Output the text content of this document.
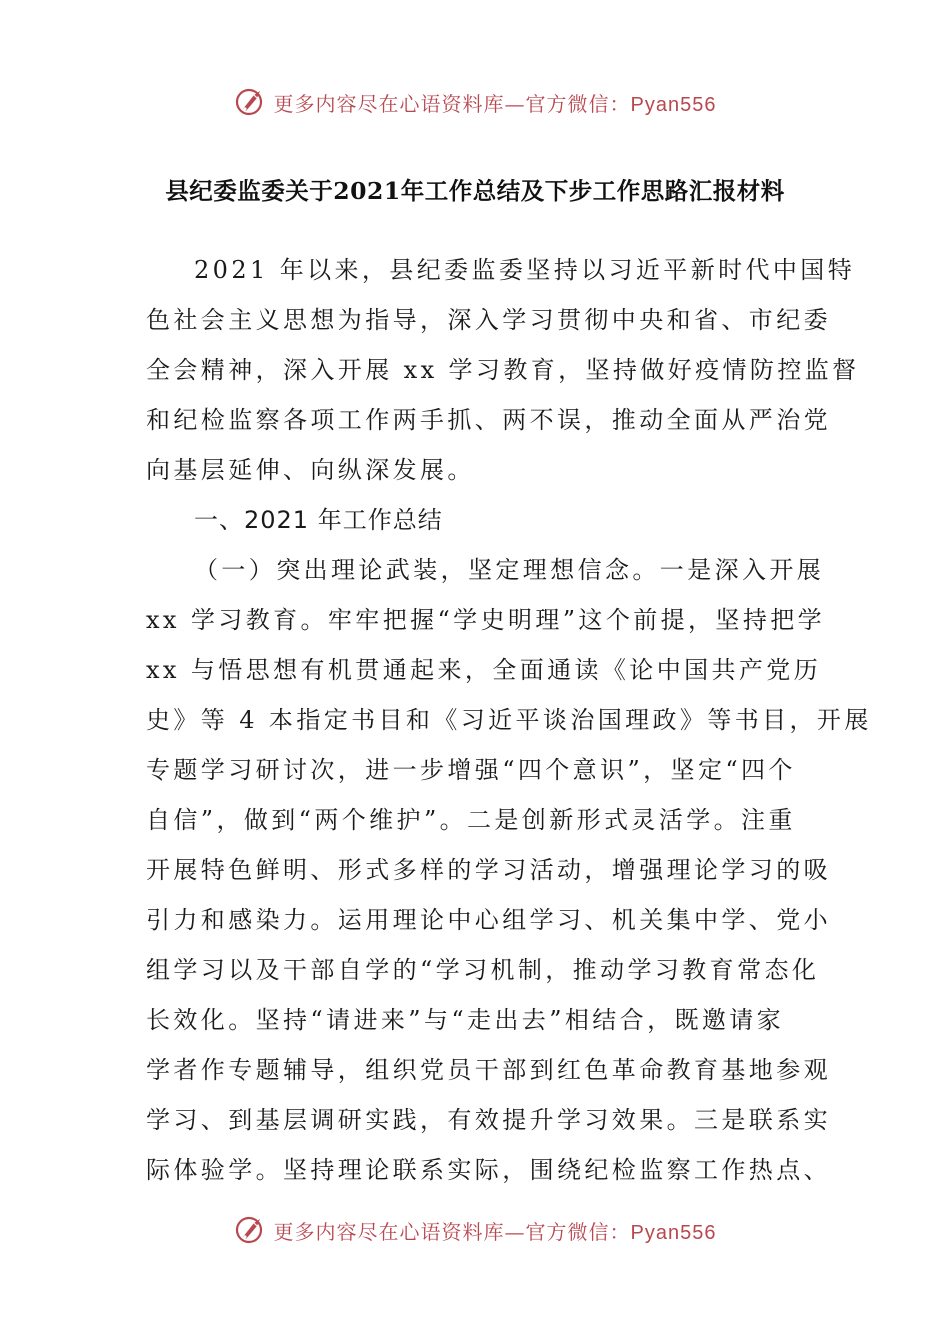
更多内容尽在心语资料库—官方微信：Pyan556
县纪委监委关于2021年工作总结及下步工作思路汇报材料
2021 年以来，县纪委监委坚持以习近平新时代中国特
色社会主义思想为指导，深入学习贯彻中央和省、市纪委
全会精神，深入开展 xx 学习教育，坚持做好疫情防控监督
和纪检监察各项工作两手抓、两不误，推动全面从严治党
向基层延伸、向纵深发展。
一、2021 年工作总结
（一）突出理论武装，坚定理想信念。一是深入开展
xx 学习教育。牢牢把握“学史明理”这个前提，坚持把学
xx 与悟思想有机贯通起来，全面通读《论中国共产党历
史》等 4 本指定书目和《习近平谈治国理政》等书目，开展
专题学习研讨次，进一步增强“四个意识”，坚定“四个
自信”，做到“两个维护”。二是创新形式灵活学。注重
开展特色鲜明、形式多样的学习活动，增强理论学习的吸
引力和感染力。运用理论中心组学习、机关集中学、党小
组学习以及干部自学的“学习机制，推动学习教育常态化
长效化。坚持“请进来”与“走出去”相结合，既邀请家
学者作专题辅导，组织党员干部到红色革命教育基地参观
学习、到基层调研实践，有效提升学习效果。三是联系实
际体验学。坚持理论联系实际，围绕纪检监察工作热点、
更多内容尽在心语资料库—官方微信：Pyan556
